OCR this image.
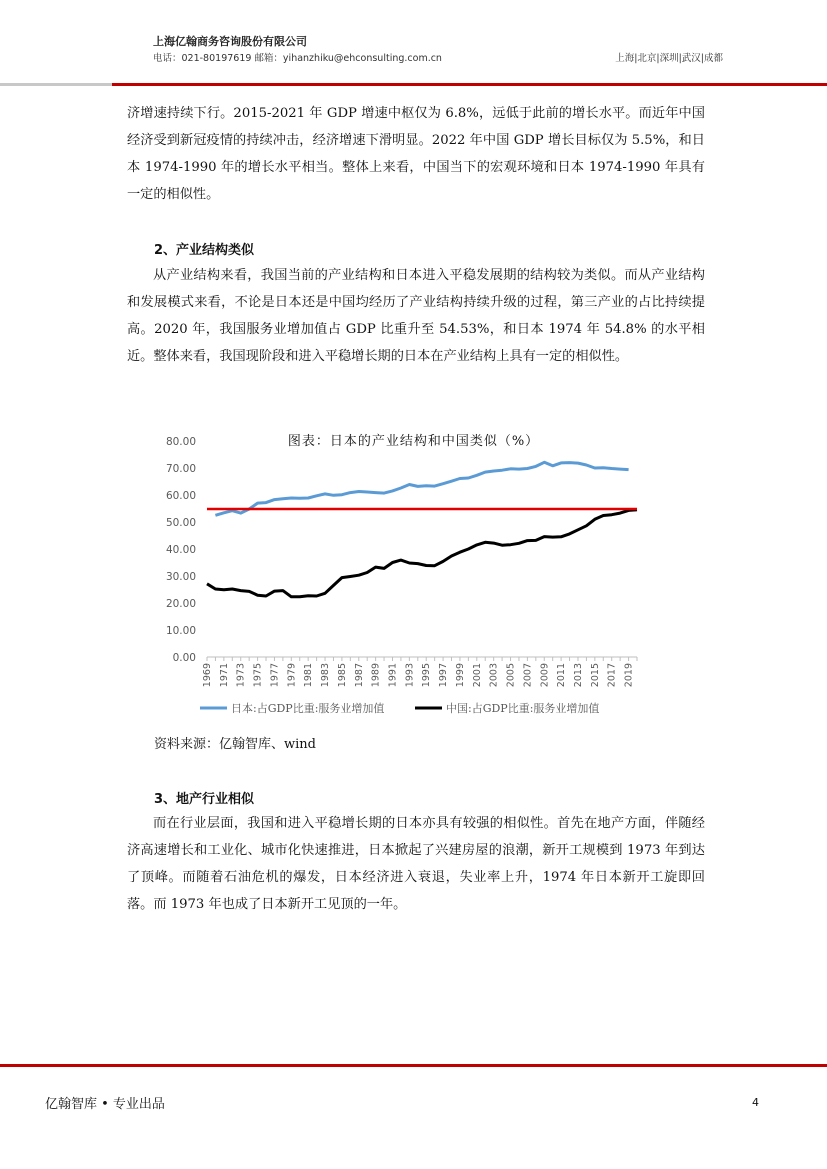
上海亿翰商务咨询股份有限公司
电话：021-80197619 邮箱：yihanzhiku@ehconsulting.com.cn	上海|北京|深圳|武汉|成都

济增速持续下行。2015-2021 年 GDP 增速中枢仅为 6.8%，远低于此前的增长水平。而近年中国经济受到新冠疫情的持续冲击，经济增速下滑明显。2022 年中国 GDP 增长目标仅为 5.5%，和日本 1974-1990 年的增长水平相当。整体上来看，中国当下的宏观环境和日本 1974-1990 年具有一定的相似性。

2、产业结构类似

从产业结构来看，我国当前的产业结构和日本进入平稳发展期的结构较为类似。而从产业结构和发展模式来看，不论是日本还是中国均经历了产业结构持续升级的过程，第三产业的占比持续提高。2020 年，我国服务业增加值占 GDP 比重升至 54.53%，和日本 1974 年 54.8% 的水平相近。整体来看，我国现阶段和进入平稳增长期的日本在产业结构上具有一定的相似性。

图表：日本的产业结构和中国类似（%）
0.00
10.00
20.00
30.00
40.00
50.00
60.00
70.00
80.00
1969 1971 1973 1975 1977 1979 1981 1983 1985 1987 1989 1991 1993 1995 1997 1999 2001 2003 2005 2007 2009 2011 2013 2015 2017 2019
日本:占GDP比重:服务业增加值	中国:占GDP比重:服务业增加值
资料来源：亿翰智库、wind

3、地产行业相似

而在行业层面，我国和进入平稳增长期的日本亦具有较强的相似性。首先在地产方面，伴随经济高速增长和工业化、城市化快速推进，日本掀起了兴建房屋的浪潮，新开工规模到 1973 年到达了顶峰。而随着石油危机的爆发，日本经济进入衰退，失业率上升，1974 年日本新开工旋即回落。而 1973 年也成了日本新开工见顶的一年。

亿翰智库 • 专业出品	4
